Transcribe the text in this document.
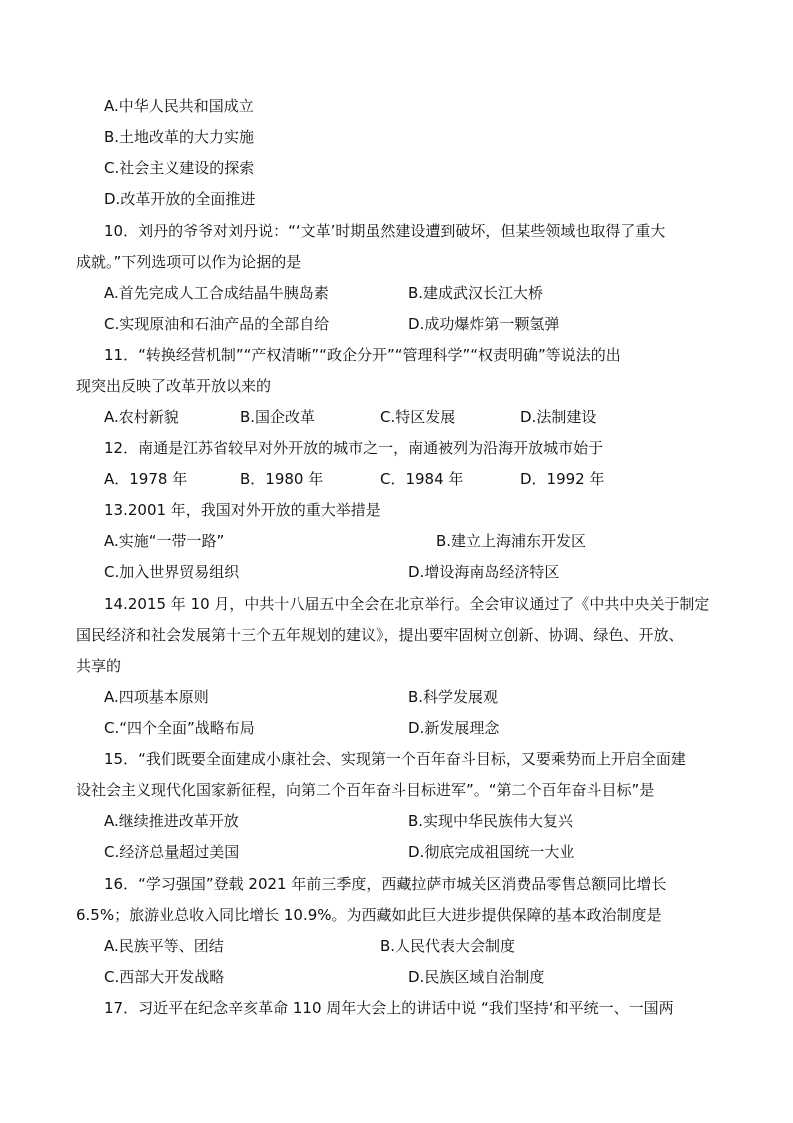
A.中华人民共和国成立
B.土地改革的大力实施
C.社会主义建设的探索
D.改革开放的全面推进
10．刘丹的爷爷对刘丹说：“‘文革’时期虽然建设遭到破坏，但某些领域也取得了重大
成就。”下列选项可以作为论据的是
A.首先完成人工合成结晶牛胰岛素	B.建成武汉长江大桥
C.实现原油和石油产品的全部自给	D.成功爆炸第一颗氢弹
11．“转换经营机制”“产权清晰”“政企分开”“管理科学”“权责明确”等说法的出
现突出反映了改革开放以来的
A.农村新貌	B.国企改革	C.特区发展	D.法制建设
12．南通是江苏省较早对外开放的城市之一，南通被列为沿海开放城市始于
A．1978 年	B．1980 年	C．1984 年	D．1992 年
13.2001 年，我国对外开放的重大举措是
A.实施“一带一路”	B.建立上海浦东开发区
C.加入世界贸易组织	D.增设海南岛经济特区
14.2015 年 10 月，中共十八届五中全会在北京举行。全会审议通过了《中共中央关于制定
国民经济和社会发展第十三个五年规划的建议》，提出要牢固树立创新、协调、绿色、开放、
共享的
A.四项基本原则	B.科学发展观
C.“四个全面”战略布局	D.新发展理念
15．“我们既要全面建成小康社会、实现第一个百年奋斗目标，又要乘势而上开启全面建
设社会主义现代化国家新征程，向第二个百年奋斗目标进军”。“第二个百年奋斗目标”是
A.继续推进改革开放	B.实现中华民族伟大复兴
C.经济总量超过美国	D.彻底完成祖国统一大业
16．“学习强国”登载 2021 年前三季度，西藏拉萨市城关区消费品零售总额同比增长
6.5%；旅游业总收入同比增长 10.9%。为西藏如此巨大进步提供保障的基本政治制度是
A.民族平等、团结	B.人民代表大会制度
C.西部大开发战略	D.民族区域自治制度
17．习近平在纪念辛亥革命 110 周年大会上的讲话中说 “我们坚持‘和平统一、一国两
